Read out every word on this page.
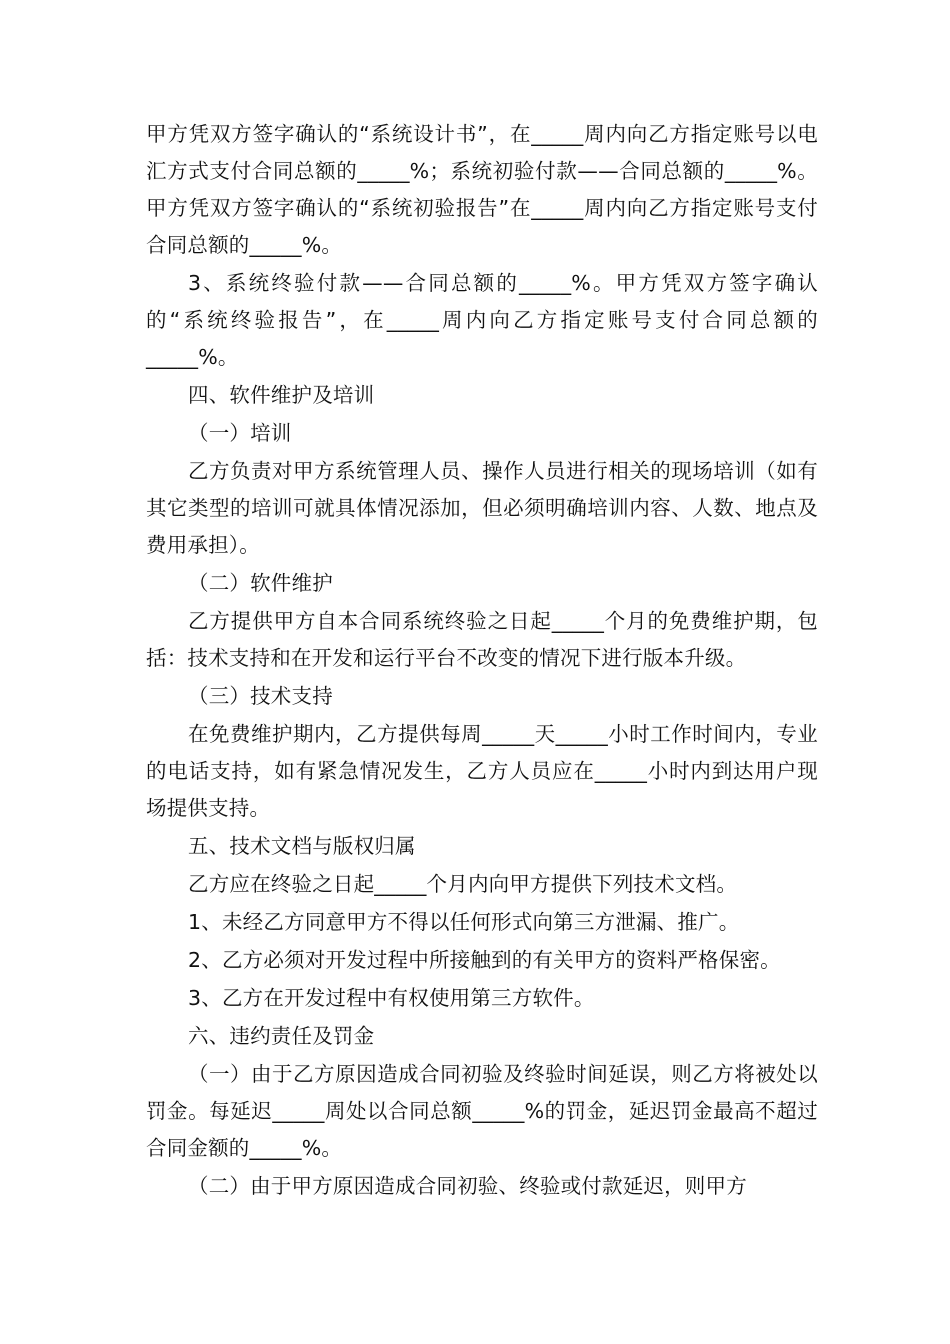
甲方凭双方签字确认的“系统设计书”，在_____周内向乙方指定账号以电汇方式支付合同总额的_____%；系统初验付款——合同总额的_____%。甲方凭双方签字确认的“系统初验报告”在_____周内向乙方指定账号支付合同总额的_____%。

3、系统终验付款——合同总额的_____%。甲方凭双方签字确认的“系统终验报告”，在_____周内向乙方指定账号支付合同总额的_____%。

四、软件维护及培训

（一）培训

乙方负责对甲方系统管理人员、操作人员进行相关的现场培训（如有其它类型的培训可就具体情况添加，但必须明确培训内容、人数、地点及费用承担）。

（二）软件维护

乙方提供甲方自本合同系统终验之日起_____个月的免费维护期，包括：技术支持和在开发和运行平台不改变的情况下进行版本升级。

（三）技术支持

在免费维护期内，乙方提供每周_____天_____小时工作时间内，专业的电话支持，如有紧急情况发生，乙方人员应在_____小时内到达用户现场提供支持。

五、技术文档与版权归属

乙方应在终验之日起_____个月内向甲方提供下列技术文档。

1、未经乙方同意甲方不得以任何形式向第三方泄漏、推广。

2、乙方必须对开发过程中所接触到的有关甲方的资料严格保密。

3、乙方在开发过程中有权使用第三方软件。

六、违约责任及罚金

（一）由于乙方原因造成合同初验及终验时间延误，则乙方将被处以罚金。每延迟_____周处以合同总额_____%的罚金，延迟罚金最高不超过合同金额的_____%。

（二）由于甲方原因造成合同初验、终验或付款延迟，则甲方
